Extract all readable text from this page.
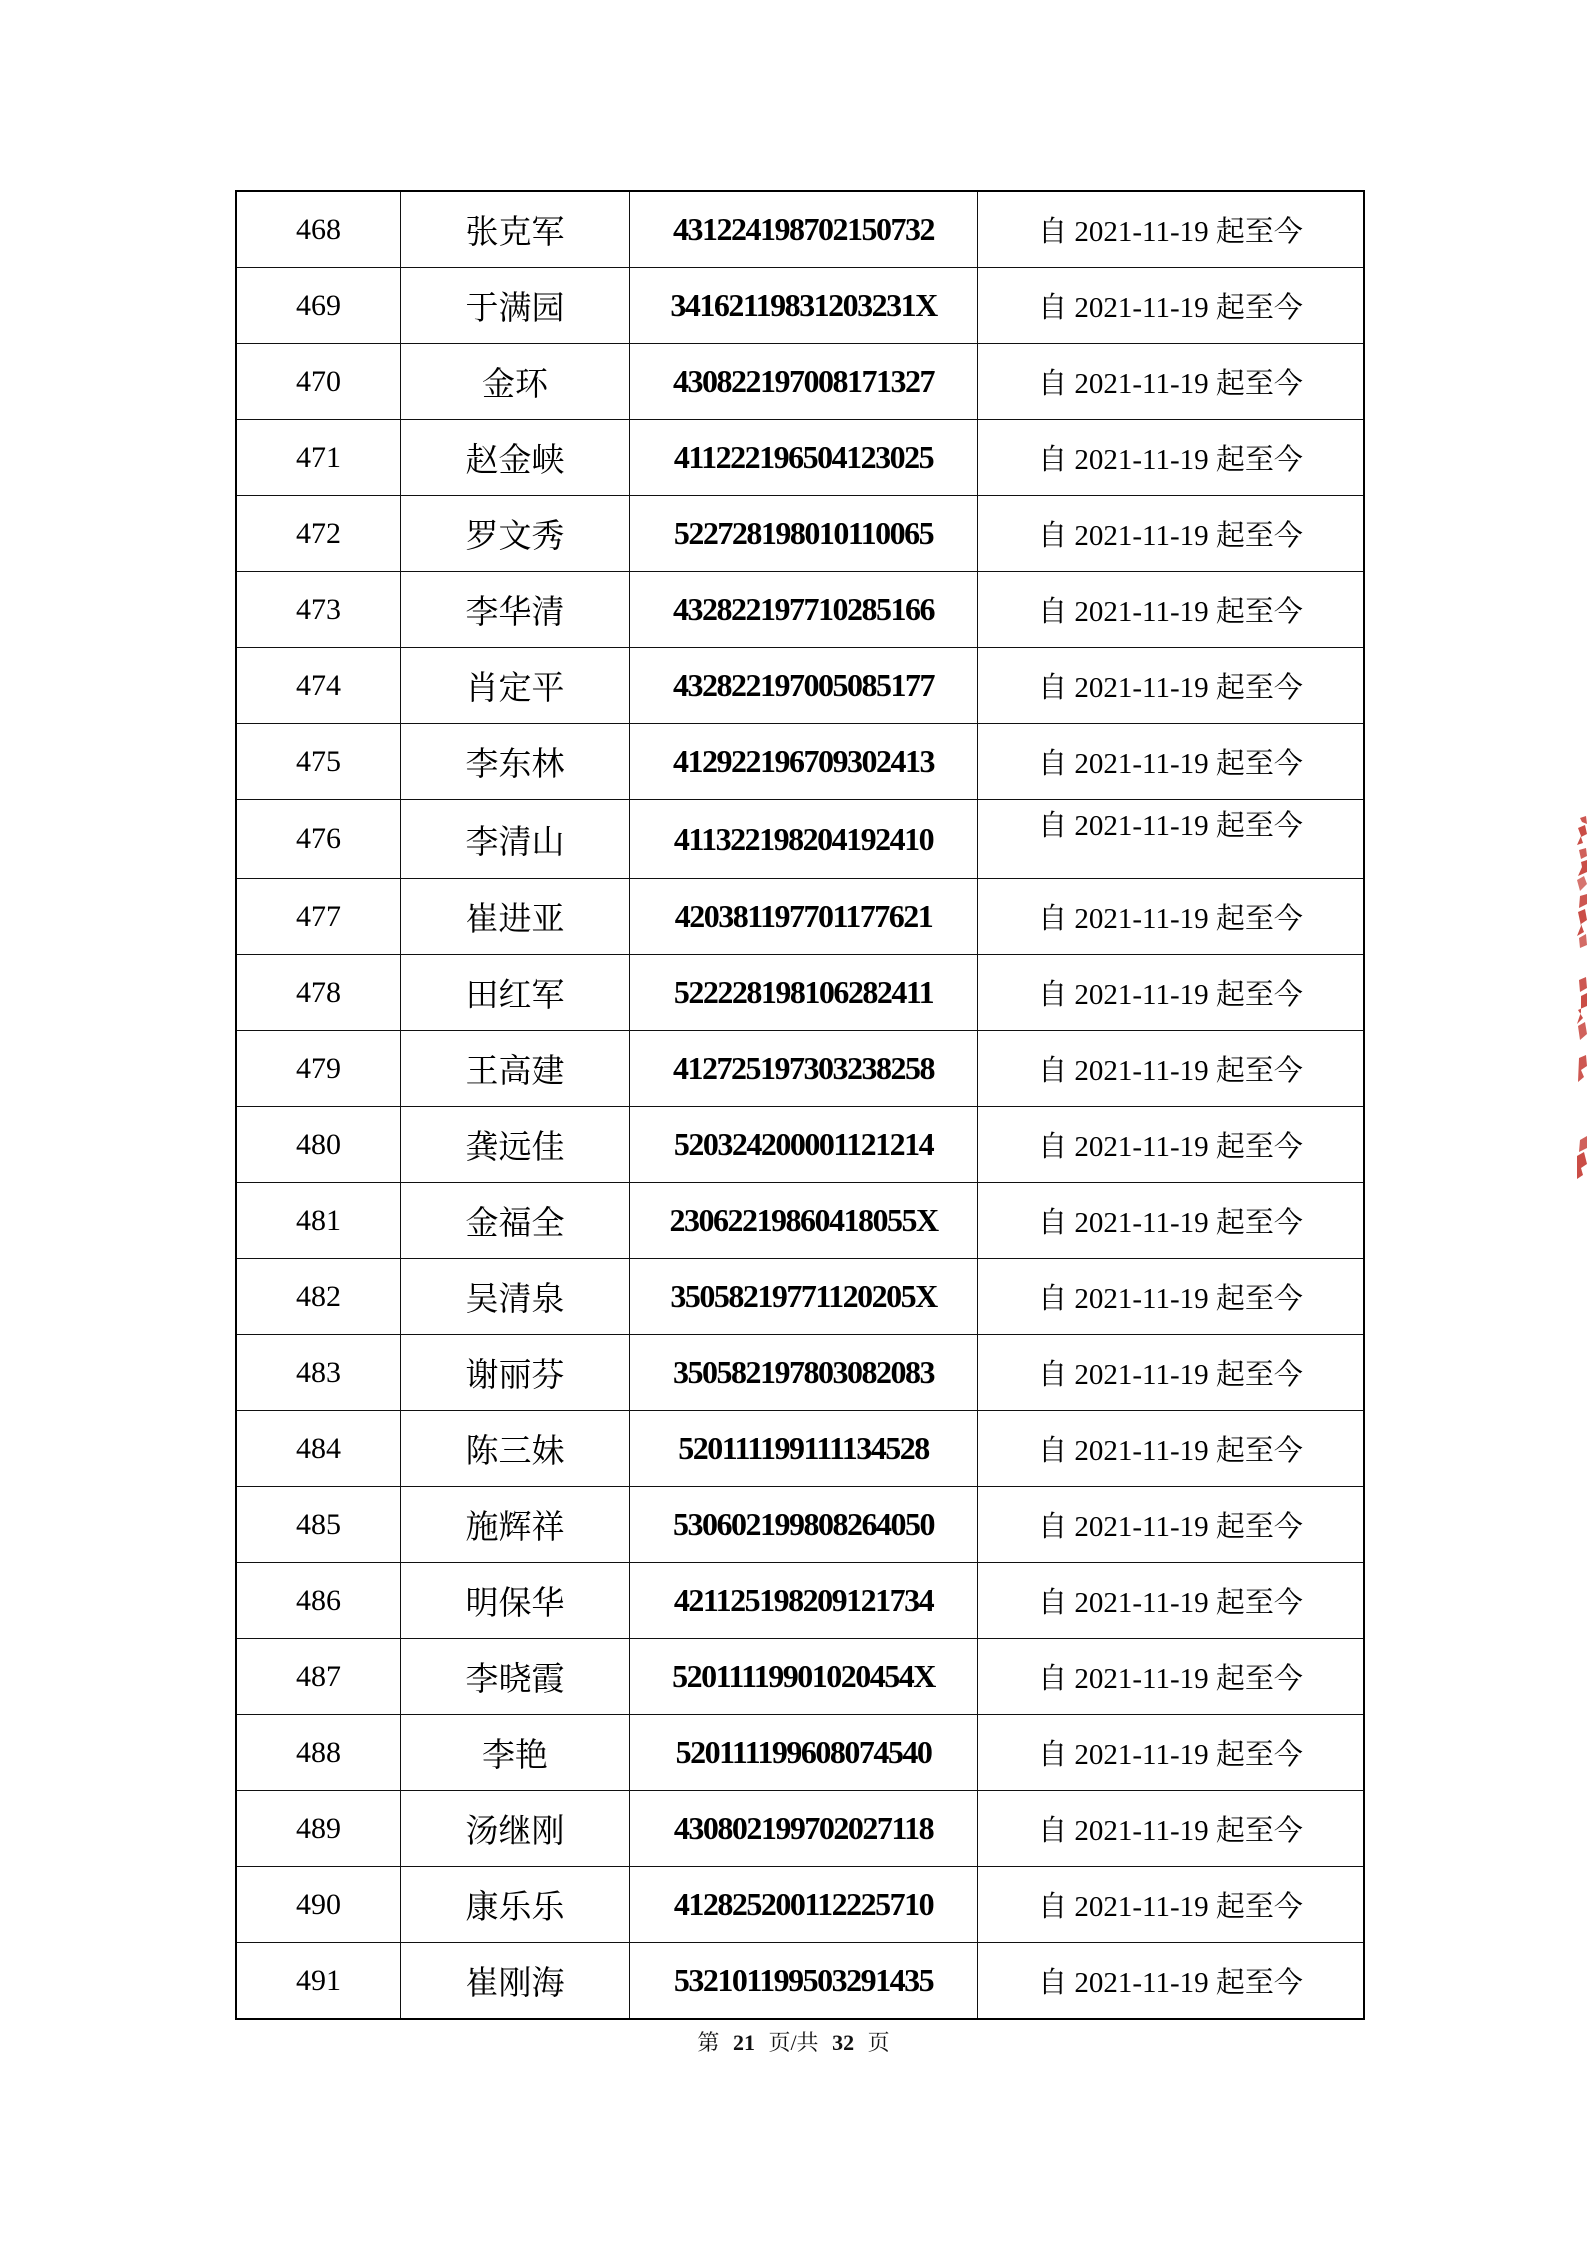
468	张克军	431224198702150732	自 2021-11-19 起至今
469	于满园	34162119831203231X	自 2021-11-19 起至今
470	金环	430822197008171327	自 2021-11-19 起至今
471	赵金峡	411222196504123025	自 2021-11-19 起至今
472	罗文秀	522728198010110065	自 2021-11-19 起至今
473	李华清	432822197710285166	自 2021-11-19 起至今
474	肖定平	432822197005085177	自 2021-11-19 起至今
475	李东林	412922196709302413	自 2021-11-19 起至今
476	李清山	411322198204192410	自 2021-11-19 起至今
477	崔进亚	420381197701177621	自 2021-11-19 起至今
478	田红军	522228198106282411	自 2021-11-19 起至今
479	王高建	412725197303238258	自 2021-11-19 起至今
480	龚远佳	520324200001121214	自 2021-11-19 起至今
481	金福全	23062219860418055X	自 2021-11-19 起至今
482	吴清泉	35058219771120205X	自 2021-11-19 起至今
483	谢丽芬	350582197803082083	自 2021-11-19 起至今
484	陈三妹	520111199111134528	自 2021-11-19 起至今
485	施辉祥	530602199808264050	自 2021-11-19 起至今
486	明保华	421125198209121734	自 2021-11-19 起至今
487	李晓霞	52011119901020454X	自 2021-11-19 起至今
488	李艳	520111199608074540	自 2021-11-19 起至今
489	汤继刚	430802199702027118	自 2021-11-19 起至今
490	康乐乐	412825200112225710	自 2021-11-19 起至今
491	崔刚海	532101199503291435	自 2021-11-19 起至今
第 21 页/共 32 页
